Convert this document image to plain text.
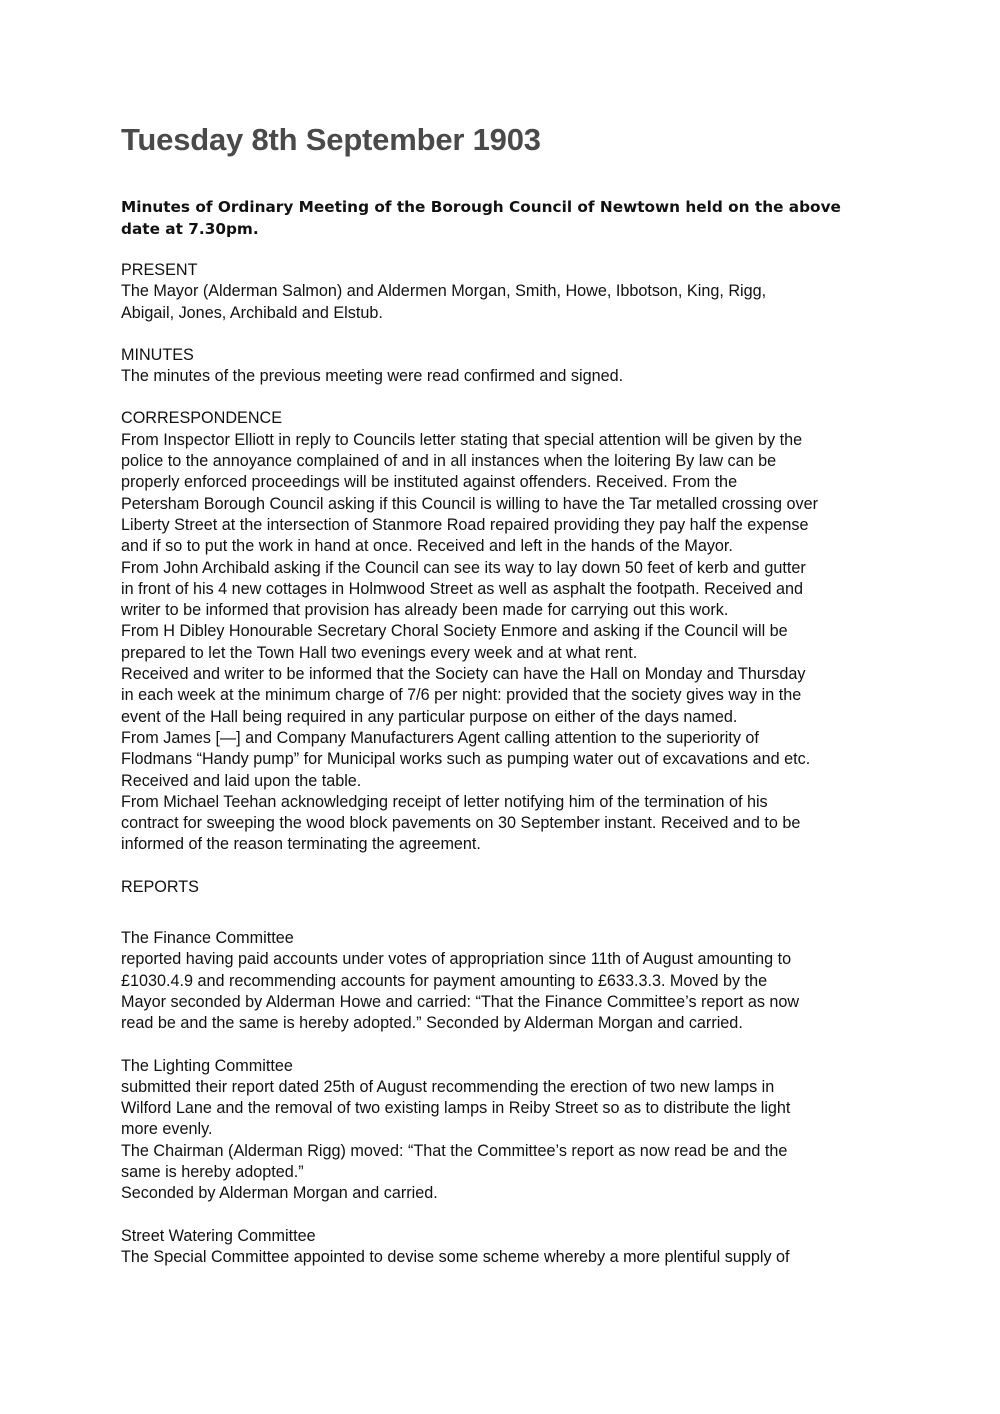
Tuesday 8th September 1903
Minutes of Ordinary Meeting of the Borough Council of Newtown held on the above
date at 7.30pm.
PRESENT
The Mayor (Alderman Salmon) and Aldermen Morgan, Smith, Howe, Ibbotson, King, Rigg,
Abigail, Jones, Archibald and Elstub.
MINUTES
The minutes of the previous meeting were read confirmed and signed.
CORRESPONDENCE
From Inspector Elliott in reply to Councils letter stating that special attention will be given by the
police to the annoyance complained of and in all instances when the loitering By law can be
properly enforced proceedings will be instituted against offenders. Received. From the
Petersham Borough Council asking if this Council is willing to have the Tar metalled crossing over
Liberty Street at the intersection of Stanmore Road repaired providing they pay half the expense
and if so to put the work in hand at once. Received and left in the hands of the Mayor.
From John Archibald asking if the Council can see its way to lay down 50 feet of kerb and gutter
in front of his 4 new cottages in Holmwood Street as well as asphalt the footpath. Received and
writer to be informed that provision has already been made for carrying out this work.
From H Dibley Honourable Secretary Choral Society Enmore and asking if the Council will be
prepared to let the Town Hall two evenings every week and at what rent.
Received and writer to be informed that the Society can have the Hall on Monday and Thursday
in each week at the minimum charge of 7/6 per night: provided that the society gives way in the
event of the Hall being required in any particular purpose on either of the days named.
From James [—] and Company Manufacturers Agent calling attention to the superiority of
Flodmans “Handy pump” for Municipal works such as pumping water out of excavations and etc.
Received and laid upon the table.
From Michael Teehan acknowledging receipt of letter notifying him of the termination of his
contract for sweeping the wood block pavements on 30 September instant. Received and to be
informed of the reason terminating the agreement.
REPORTS
The Finance Committee
reported having paid accounts under votes of appropriation since 11th of August amounting to
£1030.4.9 and recommending accounts for payment amounting to £633.3.3. Moved by the
Mayor seconded by Alderman Howe and carried: “That the Finance Committee’s report as now
read be and the same is hereby adopted.” Seconded by Alderman Morgan and carried.
The Lighting Committee
submitted their report dated 25th of August recommending the erection of two new lamps in
Wilford Lane and the removal of two existing lamps in Reiby Street so as to distribute the light
more evenly.
The Chairman (Alderman Rigg) moved: “That the Committee’s report as now read be and the
same is hereby adopted.”
Seconded by Alderman Morgan and carried.
Street Watering Committee
The Special Committee appointed to devise some scheme whereby a more plentiful supply of
